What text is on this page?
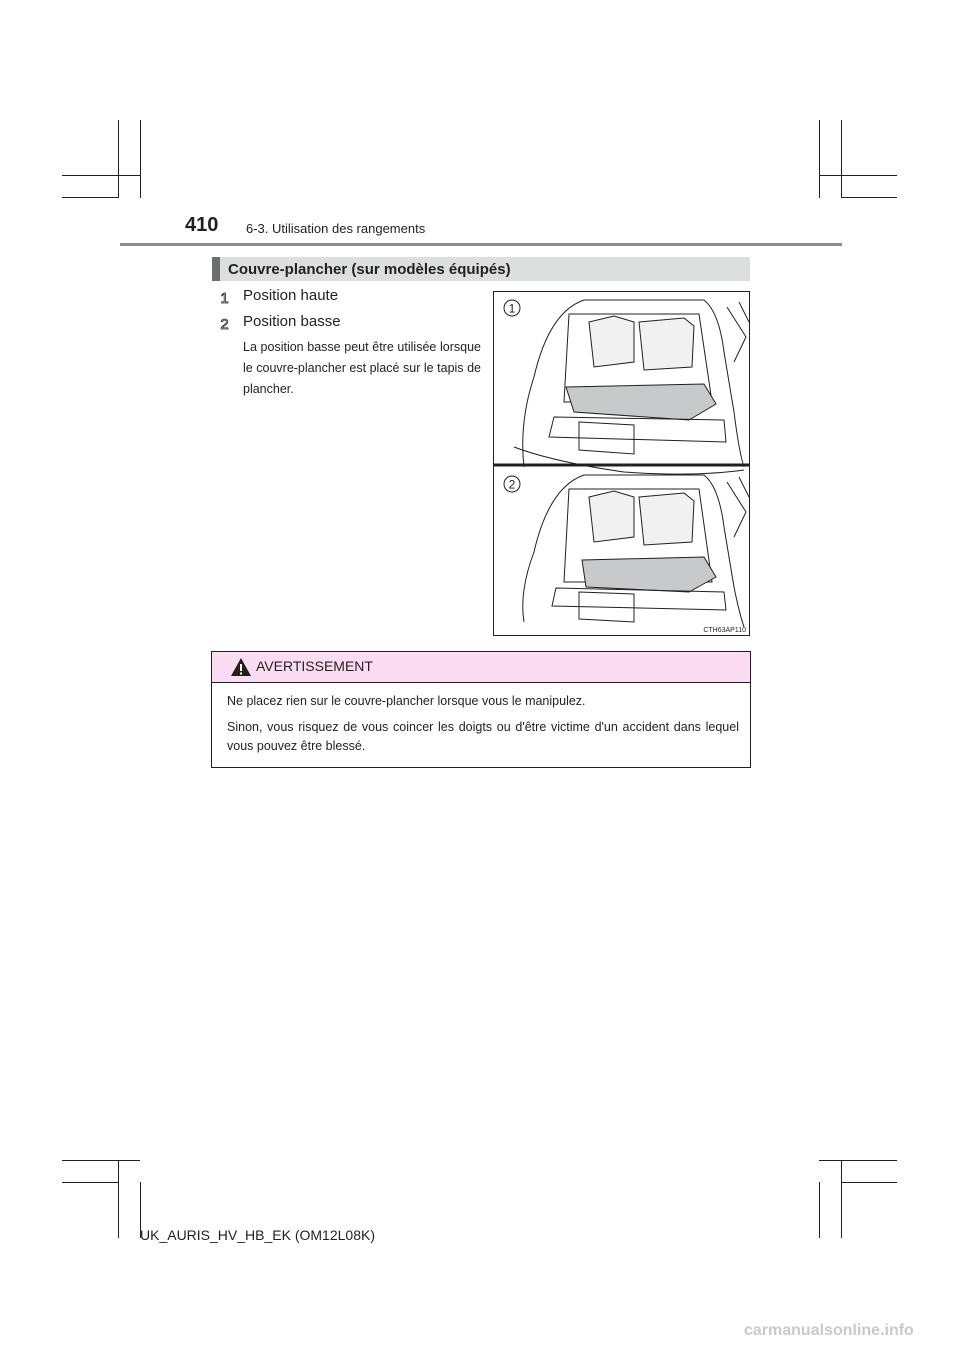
410 6-3. Utilisation des rangements
Couvre-plancher (sur modèles équipés)
1 Position haute
2 Position basse
La position basse peut être utilisée lorsque le couvre-plancher est placé sur le tapis de plancher.
1
2
CTH63AP110
AVERTISSEMENT

Ne placez rien sur le couvre-plancher lorsque vous le manipulez.

Sinon, vous risquez de vous coincer les doigts ou d'être victime d'un accident dans lequel vous pouvez être blessé.

UK_AURIS_HV_HB_EK (OM12L08K)
carmanualsonline.info
